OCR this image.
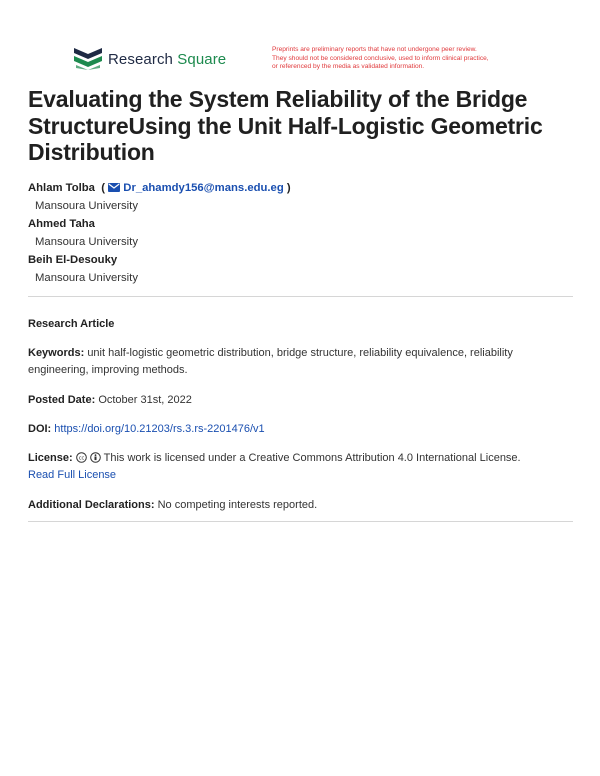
Research Square
Preprints are preliminary reports that have not undergone peer review.
They should not be considered conclusive, used to inform clinical practice,
or referenced by the media as validated information.
Evaluating the System Reliability of the Bridge StructureUsing the Unit Half-Logistic Geometric Distribution
Ahlam Tolba  (  Dr_ahamdy156@mans.edu.eg )
Mansoura University
Ahmed Taha
Mansoura University
Beih El-Desouky
Mansoura University
Research Article
Keywords: unit half-logistic geometric distribution, bridge structure, reliability equivalence, reliability engineering, improving methods.
Posted Date: October 31st, 2022
DOI: https://doi.org/10.21203/rs.3.rs-2201476/v1
License: cc This work is licensed under a Creative Commons Attribution 4.0 International License.
Read Full License
Additional Declarations: No competing interests reported.
